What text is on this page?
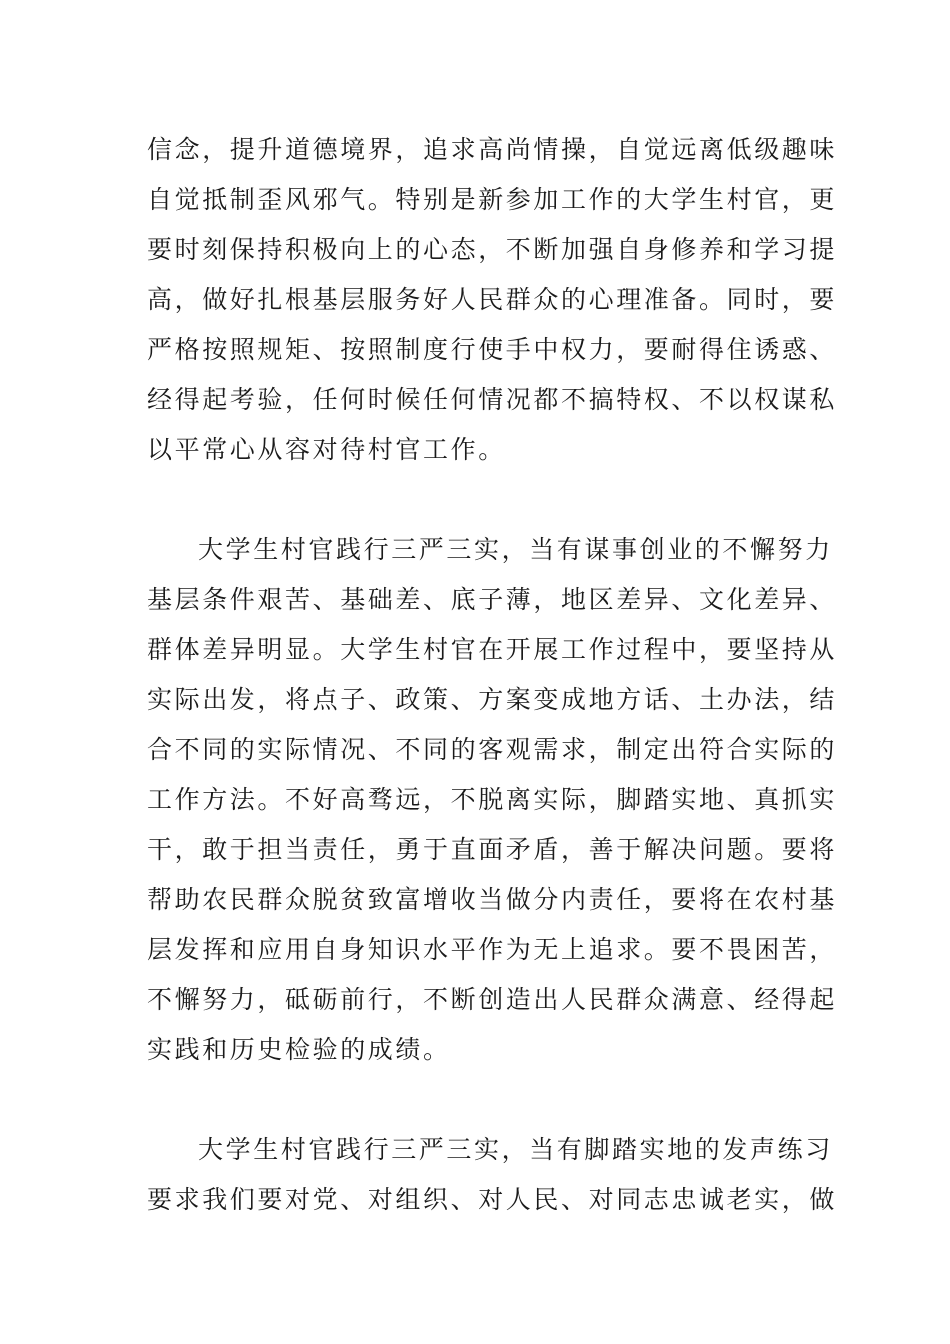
信念，提升道德境界，追求高尚情操，自觉远离低级趣味
自觉抵制歪风邪气。特别是新参加工作的大学生村官，更
要时刻保持积极向上的心态，不断加强自身修养和学习提
高，做好扎根基层服务好人民群众的心理准备。同时，要
严格按照规矩、按照制度行使手中权力，要耐得住诱惑、
经得起考验，任何时候任何情况都不搞特权、不以权谋私
以平常心从容对待村官工作。
大学生村官践行三严三实，当有谋事创业的不懈努力
基层条件艰苦、基础差、底子薄，地区差异、文化差异、
群体差异明显。大学生村官在开展工作过程中，要坚持从
实际出发，将点子、政策、方案变成地方话、土办法，结
合不同的实际情况、不同的客观需求，制定出符合实际的
工作方法。不好高骛远，不脱离实际，脚踏实地、真抓实
干，敢于担当责任，勇于直面矛盾，善于解决问题。要将
帮助农民群众脱贫致富增收当做分内责任，要将在农村基
层发挥和应用自身知识水平作为无上追求。要不畏困苦，
不懈努力，砥砺前行，不断创造出人民群众满意、经得起
实践和历史检验的成绩。
大学生村官践行三严三实，当有脚踏实地的发声练习
要求我们要对党、对组织、对人民、对同志忠诚老实，做
